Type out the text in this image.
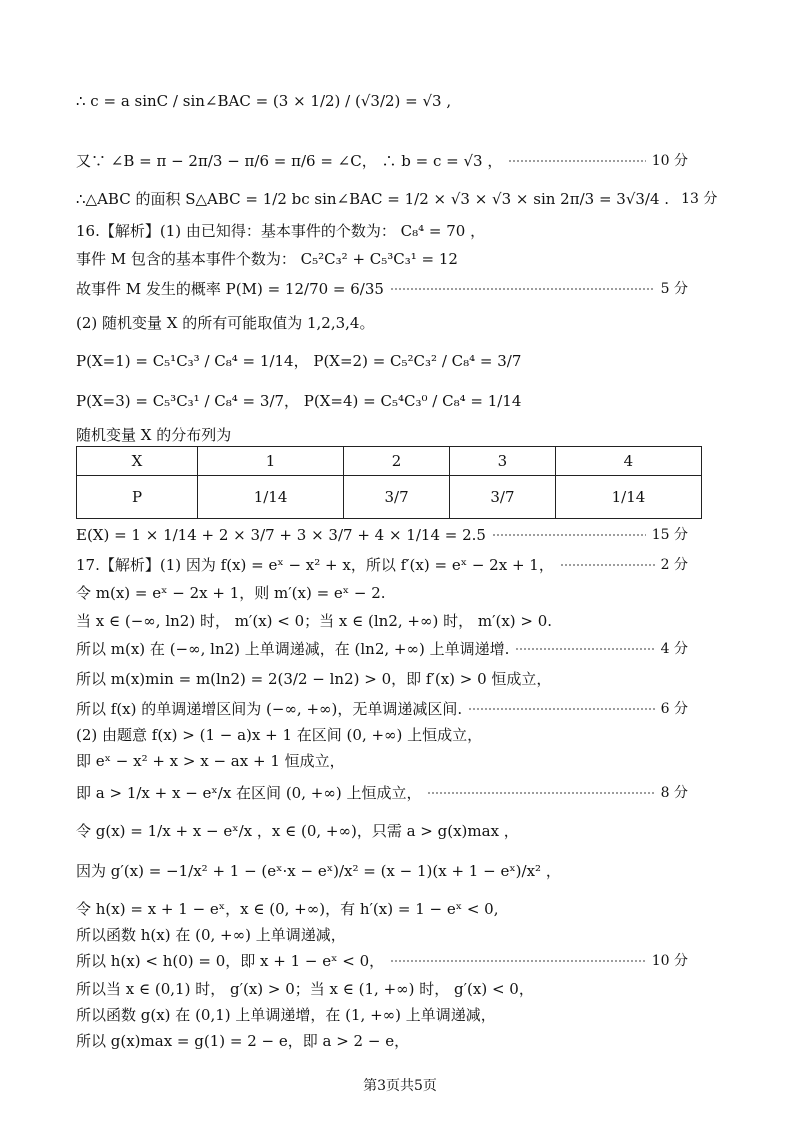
∴ c = a sinC / sin∠BAC = (3 × 1/2) / (√3/2) = √3 ,
又∵ ∠B = π − 2π/3 − π/6 = π/6 = ∠C， ∴ b = c = √3 ，	10 分
∴△ABC 的面积 S△ABC = 1/2 bc sin∠BAC = 1/2 × √3 × √3 × sin 2π/3 = 3√3/4 . 13 分
16.【解析】(1) 由已知得：基本事件的个数为： C₈⁴ = 70 ，
事件 M 包含的基本事件个数为： C₅²C₃² + C₅³C₃¹ = 12
故事件 M 发生的概率 P(M) = 12/70 = 6/35	5 分
(2) 随机变量 X 的所有可能取值为 1,2,3,4。
P(X=1) = C₅¹C₃³ / C₈⁴ = 1/14， P(X=2) = C₅²C₃² / C₈⁴ = 3/7
P(X=3) = C₅³C₃¹ / C₈⁴ = 3/7， P(X=4) = C₅⁴C₃⁰ / C₈⁴ = 1/14
随机变量 X 的分布列为
X	1	2	3	4
P	1/14	3/7	3/7	1/14
E(X) = 1 × 1/14 + 2 × 3/7 + 3 × 3/7 + 4 × 1/14 = 2.5	15 分
17.【解析】(1) 因为 f(x) = eˣ − x² + x，所以 f′(x) = eˣ − 2x + 1，	2 分
令 m(x) = eˣ − 2x + 1，则 m′(x) = eˣ − 2.
当 x ∈ (−∞, ln2) 时， m′(x) < 0；当 x ∈ (ln2, +∞) 时， m′(x) > 0.
所以 m(x) 在 (−∞, ln2) 上单调递减，在 (ln2, +∞) 上单调递增.	4 分
所以 m(x)min = m(ln2) = 2(3/2 − ln2) > 0，即 f′(x) > 0 恒成立，
所以 f(x) 的单调递增区间为 (−∞, +∞)，无单调递减区间.	6 分
(2) 由题意 f(x) > (1 − a)x + 1 在区间 (0, +∞) 上恒成立，
即 eˣ − x² + x > x − ax + 1 恒成立，
即 a > 1/x + x − eˣ/x 在区间 (0, +∞) 上恒成立，	8 分
令 g(x) = 1/x + x − eˣ/x ，x ∈ (0, +∞)，只需 a > g(x)max ，
因为 g′(x) = −1/x² + 1 − (eˣ·x − eˣ)/x² = (x − 1)(x + 1 − eˣ)/x² ，
令 h(x) = x + 1 − eˣ，x ∈ (0, +∞)，有 h′(x) = 1 − eˣ < 0,
所以函数 h(x) 在 (0, +∞) 上单调递减，
所以 h(x) < h(0) = 0，即 x + 1 − eˣ < 0，	10 分
所以当 x ∈ (0,1) 时， g′(x) > 0；当 x ∈ (1, +∞) 时， g′(x) < 0，
所以函数 g(x) 在 (0,1) 上单调递增，在 (1, +∞) 上单调递减，
所以 g(x)max = g(1) = 2 − e，即 a > 2 − e，
第3页共5页
